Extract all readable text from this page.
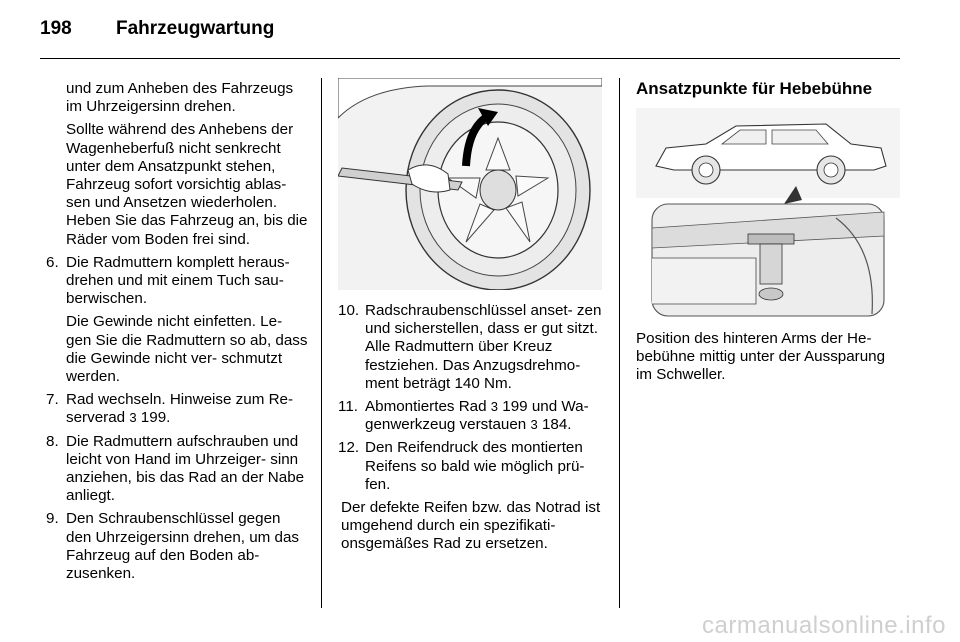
198	Fahrzeugwartung
und zum Anheben des Fahrzeugs im Uhrzeigersinn drehen.
Sollte während des Anhebens der Wagenheberfuß nicht senkrecht unter dem Ansatzpunkt stehen, Fahrzeug sofort vorsichtig ablas- sen und Ansetzen wiederholen. Heben Sie das Fahrzeug an, bis die Räder vom Boden frei sind.
6. Die Radmuttern komplett heraus- drehen und mit einem Tuch sau- berwischen.
Die Gewinde nicht einfetten. Le- gen Sie die Radmuttern so ab, dass die Gewinde nicht ver- schmutzt werden.
7. Rad wechseln. Hinweise zum Re- serverad 3 199.
8. Die Radmuttern aufschrauben und leicht von Hand im Uhrzeiger- sinn anziehen, bis das Rad an der Nabe anliegt.
9. Den Schraubenschlüssel gegen den Uhrzeigersinn drehen, um das Fahrzeug auf den Boden ab- zusenken.
10. Radschraubenschlüssel anset- zen und sicherstellen, dass er gut sitzt. Alle Radmuttern über Kreuz festziehen. Das Anzugsdrehmo- ment beträgt 140 Nm.
11. Abmontiertes Rad 3 199 und Wa- genwerkzeug verstauen 3 184.
12. Den Reifendruck des montierten Reifens so bald wie möglich prü- fen.
Der defekte Reifen bzw. das Notrad ist umgehend durch ein spezifikati- onsgemäßes Rad zu ersetzen.
Ansatzpunkte für Hebebühne
Position des hinteren Arms der He- bebühne mittig unter der Aussparung im Schweller.
carmanualsonline.info
